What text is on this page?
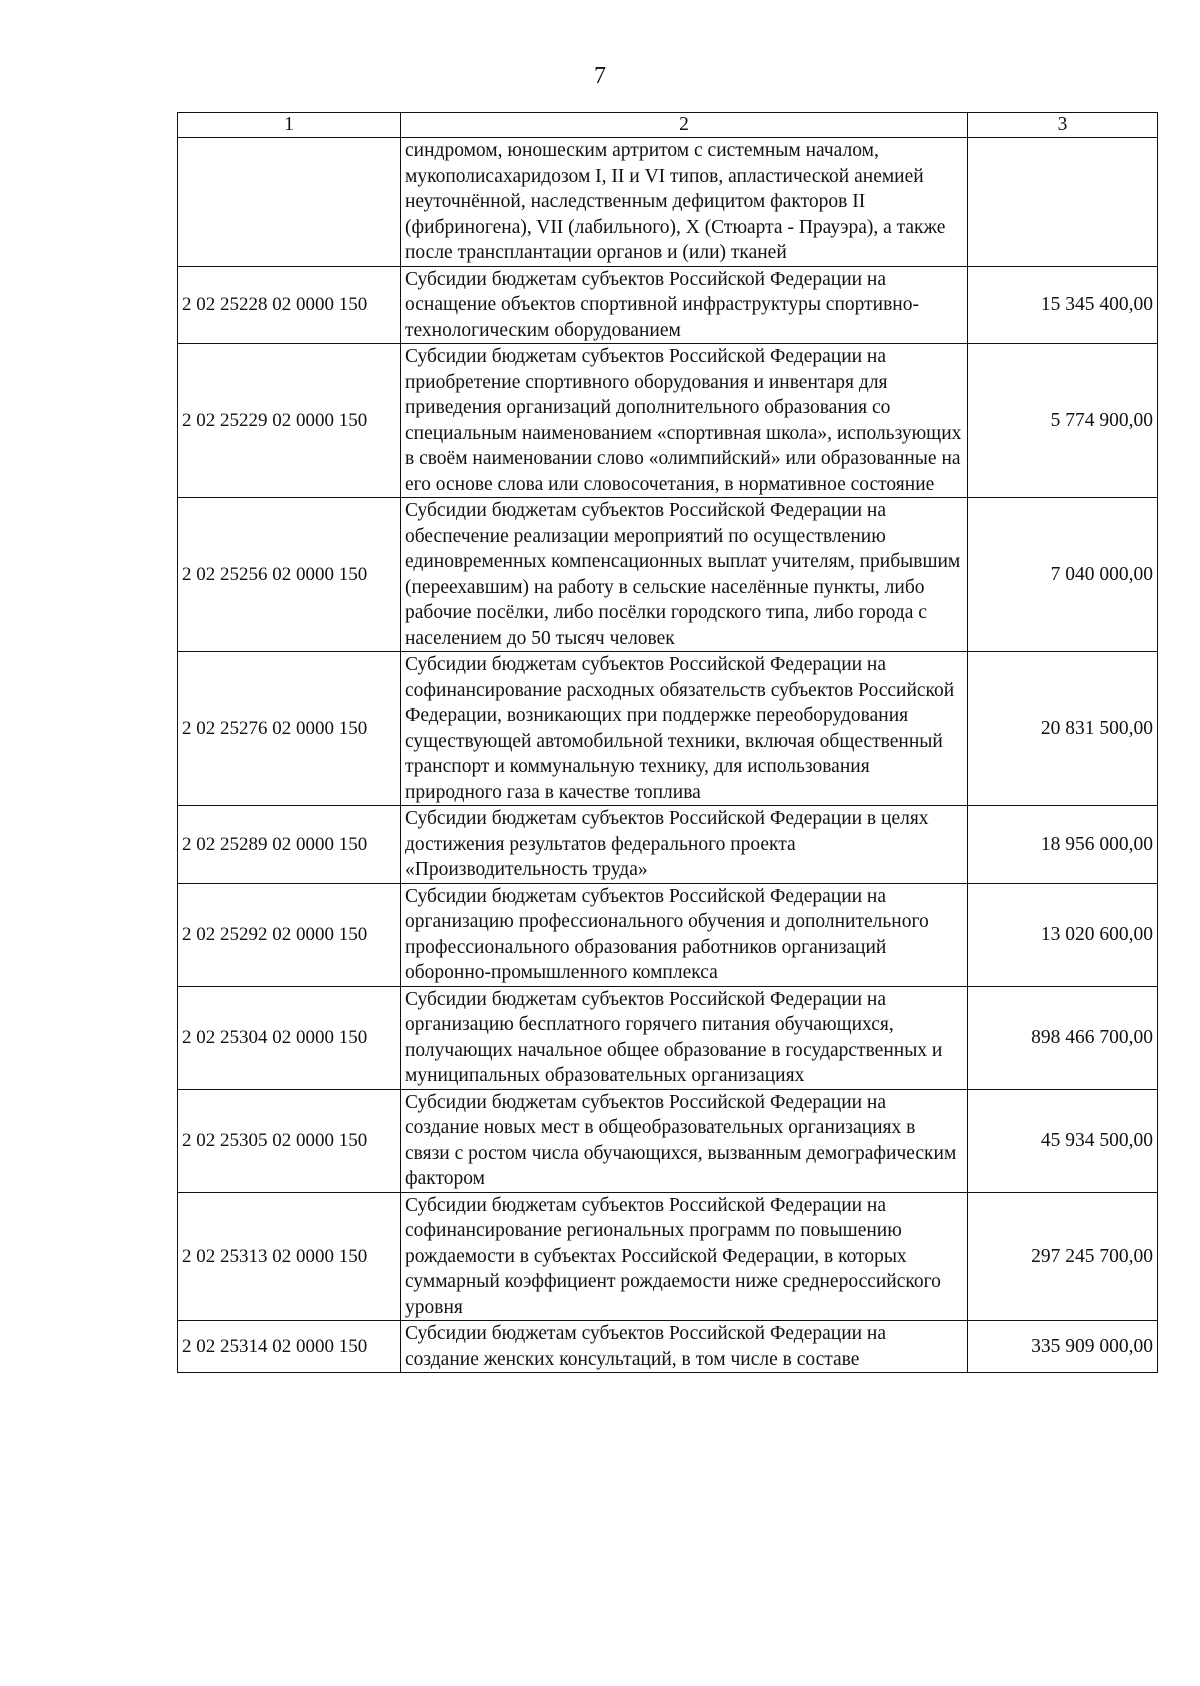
7
1	2	3
	синдромом, юношеским артритом с системным началом, мукополисахаридозом I, II и VI типов, апластической анемией неуточнённой, наследственным дефицитом факторов II (фибриногена), VII (лабильного), X (Стюарта - Прауэра), а также после трансплантации органов и (или) тканей	
2 02 25228 02 0000 150	Субсидии бюджетам субъектов Российской Федерации на оснащение объектов спортивной инфраструктуры спортивно-технологическим оборудованием	15 345 400,00
2 02 25229 02 0000 150	Субсидии бюджетам субъектов Российской Федерации на приобретение спортивного оборудования и инвентаря для приведения организаций дополнительного образования со специальным наименованием «спортивная школа», использующих в своём наименовании слово «олимпийский» или образованные на его основе слова или словосочетания, в нормативное состояние	5 774 900,00
2 02 25256 02 0000 150	Субсидии бюджетам субъектов Российской Федерации на обеспечение реализации мероприятий по осуществлению единовременных компенсационных выплат учителям, прибывшим (переехавшим) на работу в сельские населённые пункты, либо рабочие посёлки, либо посёлки городского типа, либо города с населением до 50 тысяч человек	7 040 000,00
2 02 25276 02 0000 150	Субсидии бюджетам субъектов Российской Федерации на софинансирование расходных обязательств субъектов Российской Федерации, возникающих при поддержке переоборудования существующей автомобильной техники, включая общественный транспорт и коммунальную технику, для использования природного газа в качестве топлива	20 831 500,00
2 02 25289 02 0000 150	Субсидии бюджетам субъектов Российской Федерации в целях достижения результатов федерального проекта «Производительность труда»	18 956 000,00
2 02 25292 02 0000 150	Субсидии бюджетам субъектов Российской Федерации на организацию профессионального обучения и дополнительного профессионального образования работников организаций оборонно-промышленного комплекса	13 020 600,00
2 02 25304 02 0000 150	Субсидии бюджетам субъектов Российской Федерации на организацию бесплатного горячего питания обучающихся, получающих начальное общее образование в государственных и муниципальных образовательных организациях	898 466 700,00
2 02 25305 02 0000 150	Субсидии бюджетам субъектов Российской Федерации на создание новых мест в общеобразовательных организациях в связи с ростом числа обучающихся, вызванным демографическим фактором	45 934 500,00
2 02 25313 02 0000 150	Субсидии бюджетам субъектов Российской Федерации на софинансирование региональных программ по повышению рождаемости в субъектах Российской Федерации, в которых суммарный коэффициент рождаемости ниже среднероссийского уровня	297 245 700,00
2 02 25314 02 0000 150	Субсидии бюджетам субъектов Российской Федерации на создание женских консультаций, в том числе в составе	335 909 000,00
